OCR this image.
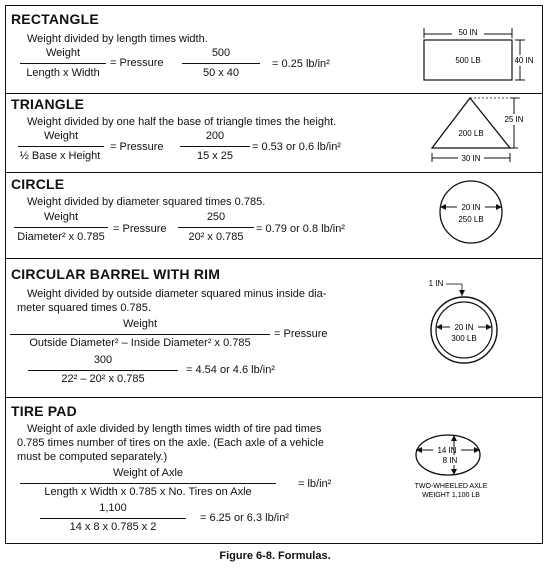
RECTANGLE
Weight divided by length times width.
Weight
Length x Width
= Pressure
500
50 x 40
= 0.25 lb/in²
50 IN
500 LB	40 IN
TRIANGLE
Weight divided by one half the base of triangle times the height.
Weight
½ Base x Height
= Pressure
200
15 x 25
= 0.53 or 0.6 lb/in²
200 LB
25 IN
30 IN
CIRCLE
Weight divided by diameter squared times 0.785.
Weight
Diameter² x 0.785
= Pressure
250
20² x 0.785
= 0.79 or 0.8 lb/in²
20 IN
250 LB
CIRCULAR BARREL WITH RIM
Weight divided by outside diameter squared minus inside dia-
meter squared times 0.785.
Weight
Outside Diameter² – Inside Diameter² x 0.785
= Pressure
300
22² – 20² x 0.785
= 4.54 or 4.6 lb/in²
1 IN
20 IN
300 LB
TIRE PAD
Weight of axle divided by length times width of tire pad times
0.785 times number of tires on the axle. (Each axle of a vehicle
must be computed separately.)
Weight of Axle
Length x Width x 0.785 x No. Tires on Axle
= lb/in²
1,100
14 x 8 x 0.785 x 2
= 6.25 or 6.3 lb/in²
14 IN
8 IN
TWO-WHEELED AXLE
WEIGHT 1,100 LB
Figure 6-8. Formulas.
